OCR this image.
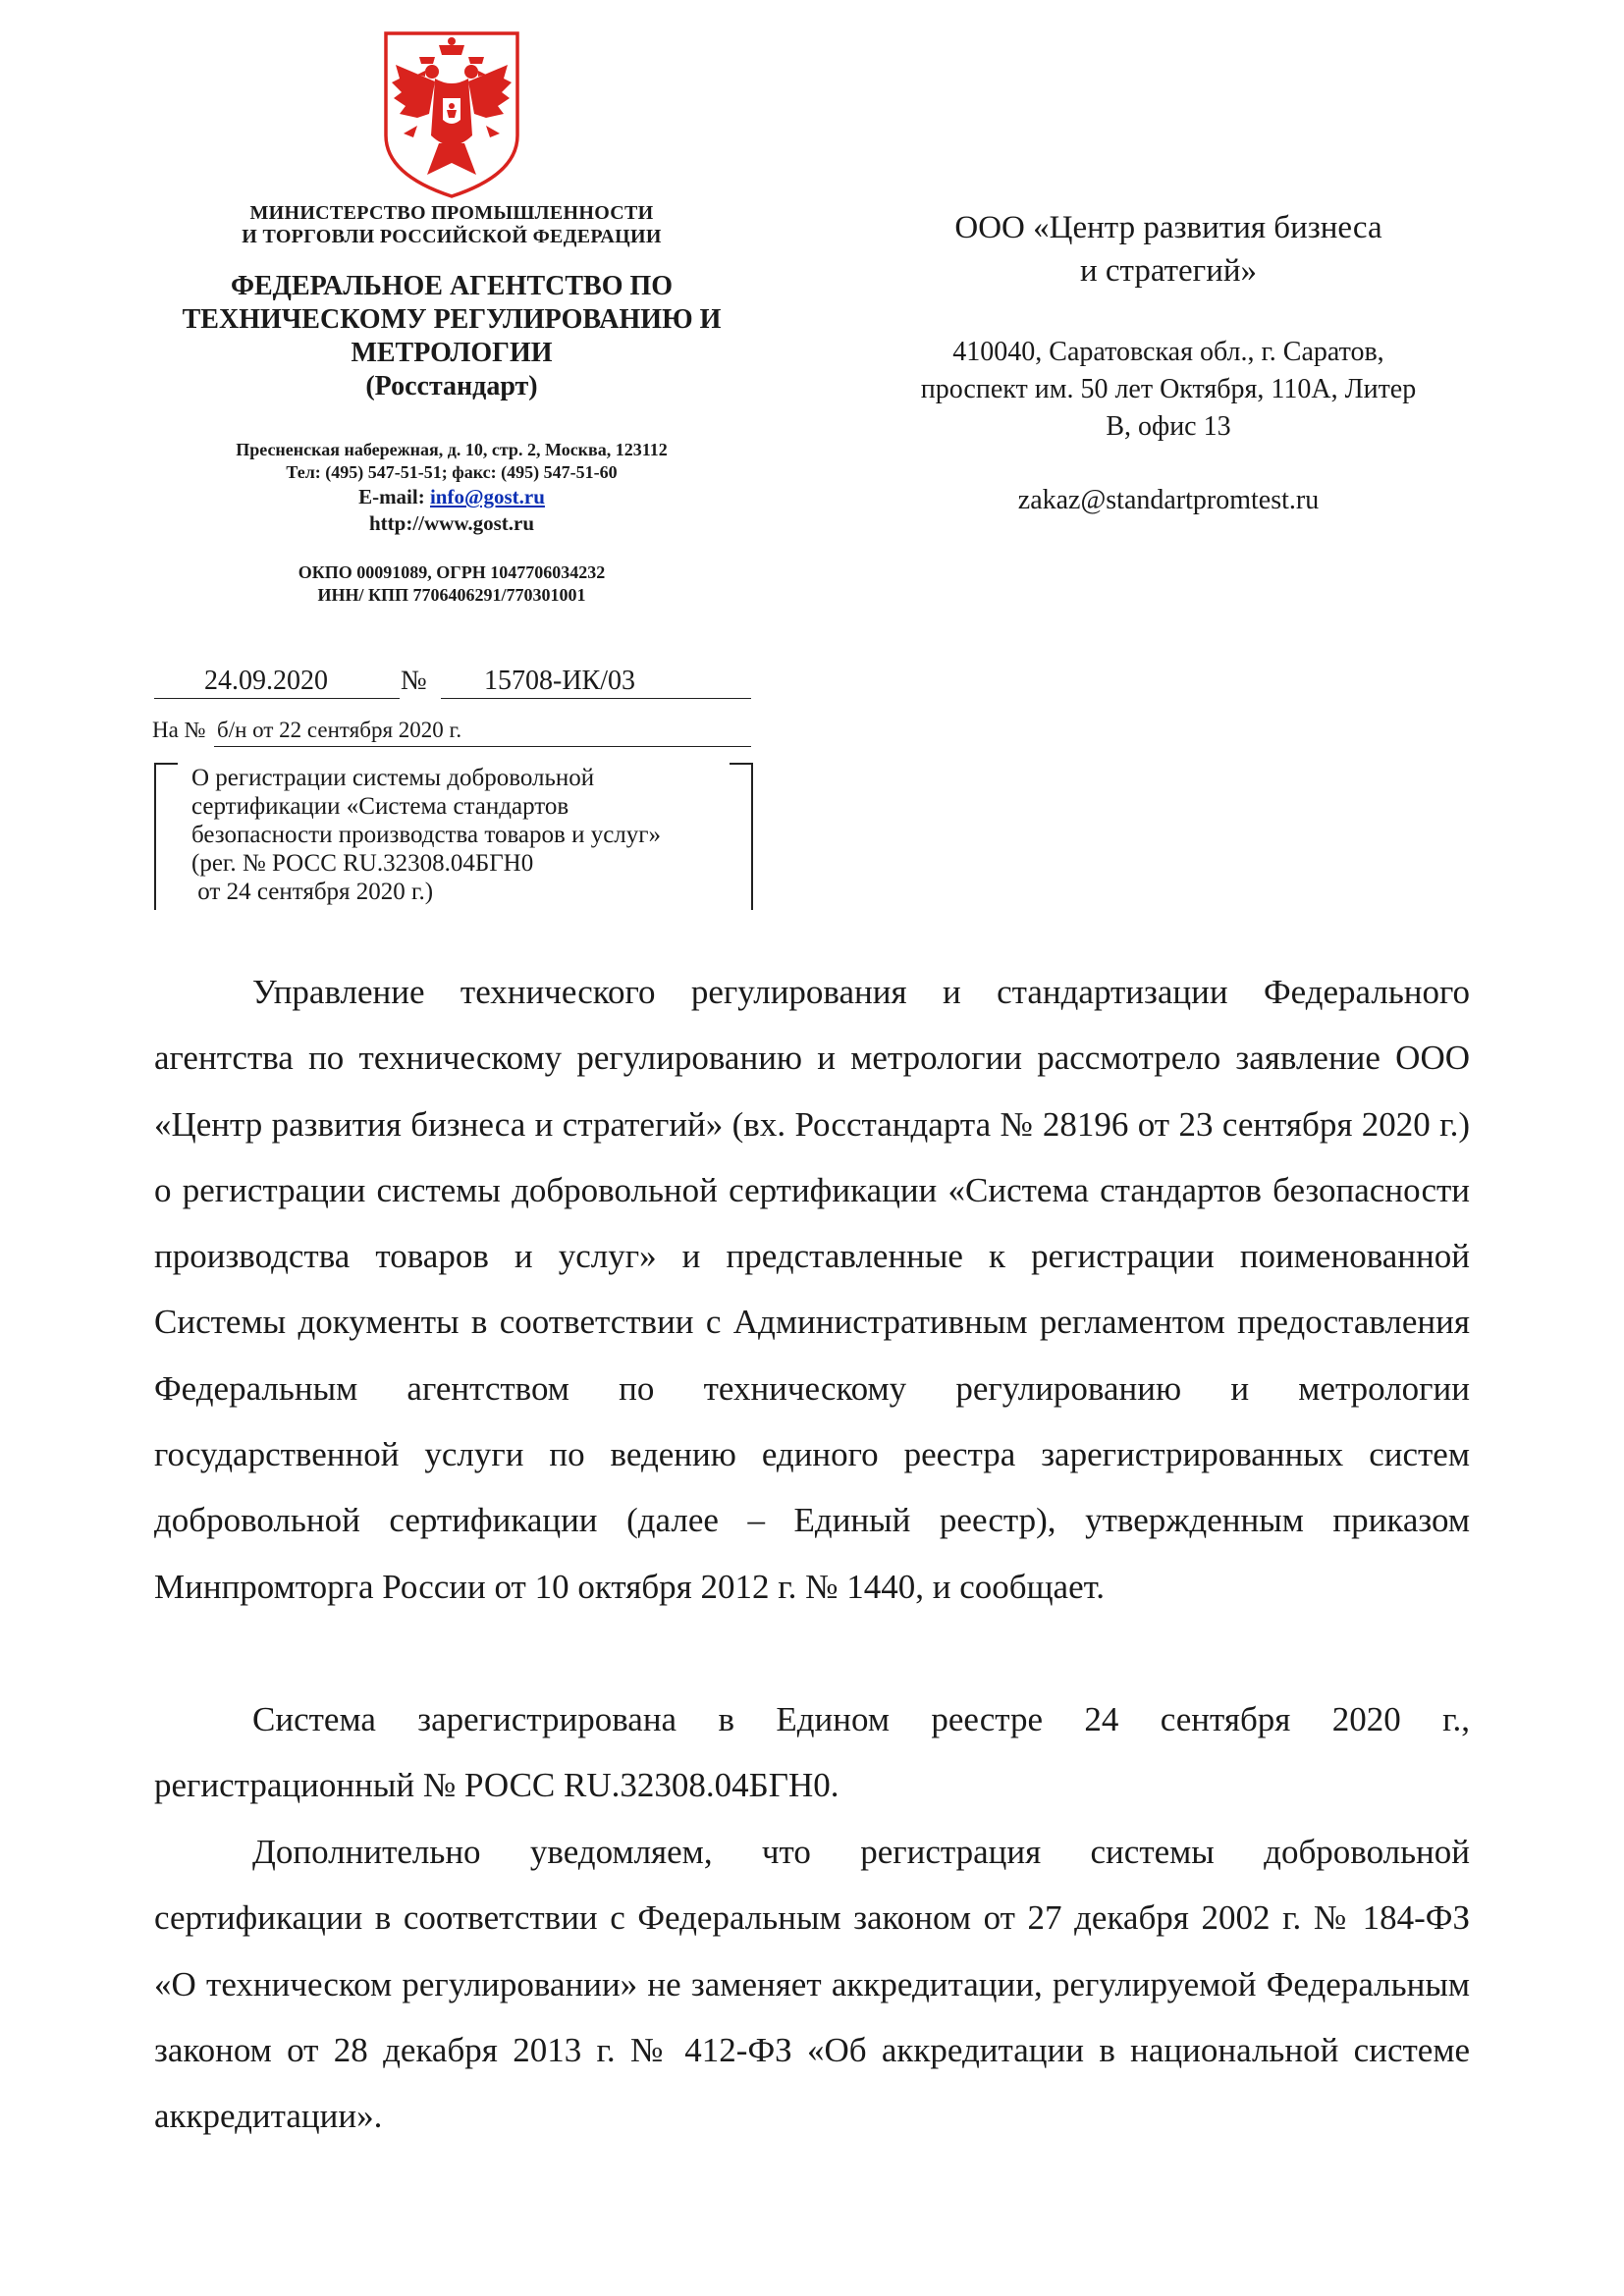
МИНИСТЕРСТВО ПРОМЫШЛЕННОСТИ
И ТОРГОВЛИ РОССИЙСКОЙ ФЕДЕРАЦИИ
ФЕДЕРАЛЬНОЕ АГЕНТСТВО ПО
ТЕХНИЧЕСКОМУ РЕГУЛИРОВАНИЮ И
МЕТРОЛОГИИ
(Росстандарт)
Пресненская набережная, д. 10, стр. 2, Москва, 123112
Тел: (495) 547-51-51; факс: (495) 547-51-60
E-mail: info@gost.ru
http://www.gost.ru
ОКПО 00091089, ОГРН 1047706034232
ИНН/ КПП 7706406291/770301001
ООО «Центр развития бизнеса
и стратегий»
410040, Саратовская обл., г. Саратов,
проспект им. 50 лет Октября, 110А, Литер
В, офис 13
zakaz@standartpromtest.ru
24.09.2020	№ 15708-ИК/03
На № б/н от 22 сентября 2020 г.
О регистрации системы добровольной
сертификации «Система стандартов
безопасности производства товаров и услуг»
(рег. № РОСС RU.32308.04БГН0
от 24 сентября 2020 г.)
Управление технического регулирования и стандартизации Федерального агентства по техническому регулированию и метрологии рассмотрело заявление ООО «Центр развития бизнеса и стратегий» (вх. Росстандарта № 28196 от 23 сентября 2020 г.) о регистрации системы добровольной сертификации «Система стандартов безопасности производства товаров и услуг» и представленные к регистрации поименованной Системы документы в соответствии с Административным регламентом предоставления Федеральным агентством по техническому регулированию и метрологии государственной услуги по ведению единого реестра зарегистрированных систем добровольной сертификации (далее – Единый реестр), утвержденным приказом Минпромторга России от 10 октября 2012 г. № 1440, и сообщает.
Система зарегистрирована в Едином реестре 24 сентября 2020 г., регистрационный № РОСС RU.32308.04БГН0.
Дополнительно уведомляем, что регистрация системы добровольной сертификации в соответствии с Федеральным законом от 27 декабря 2002 г. № 184-ФЗ «О техническом регулировании» не заменяет аккредитации, регулируемой Федеральным законом от 28 декабря 2013 г. № 412-ФЗ «Об аккредитации в национальной системе аккредитации».
